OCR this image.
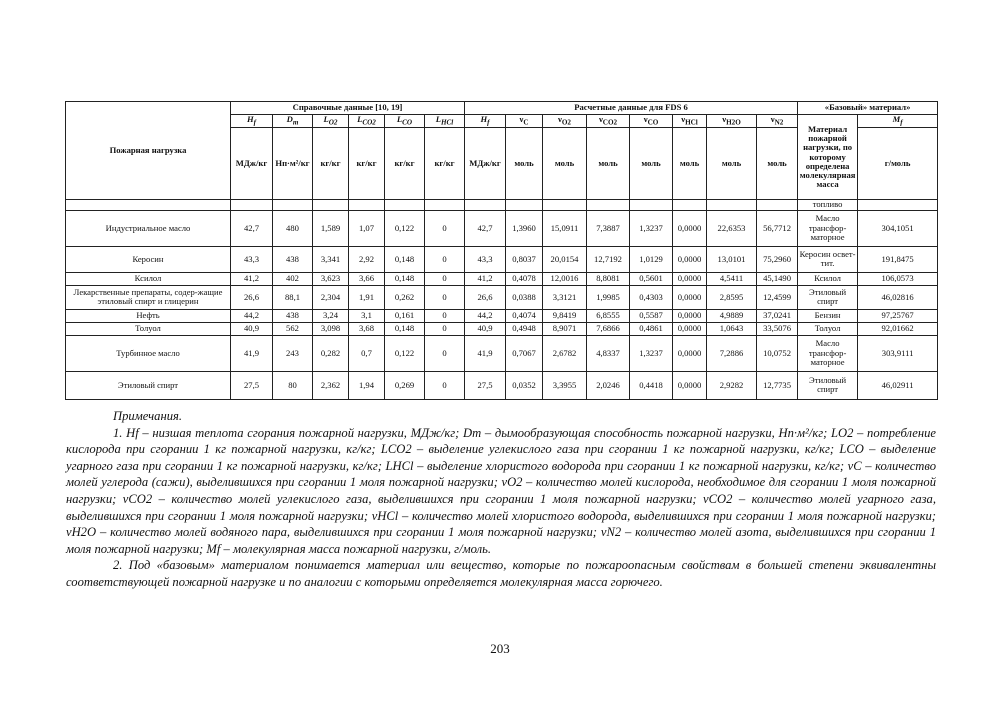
Пожарная нагрузка	Справочные данные [10, 19]						Расчетные данные для FDS 6								«Базовый» материал»	
	$H_f$	$D_m$	$L_{O2}$	$L_{CO2}$	$L_{CO}$	$L_{HCl}$	$H_f$	$\nu_C$	$\nu_{O2}$	$\nu_{CO2}$	$\nu_{CO}$	$\nu_{HCl}$	$\nu_{H2O}$	$\nu_{N2}$	Материал пожарной нагрузки, по которому определена молекулярная масса	$M_f$
	МДж/кг	Нп·м²/кг	кг/кг	кг/кг	кг/кг	кг/кг	МДж/кг	моль	моль	моль	моль	моль	моль	моль		г/моль
															топливо	
Индустриальное масло	42,7	480	1,589	1,07	0,122	0	42,7	1,3960	15,0911	7,3887	1,3237	0,0000	22,6353	56,7712	Масло трансфор-маторное	304,1051
Керосин	43,3	438	3,341	2,92	0,148	0	43,3	0,8037	20,0154	12,7192	1,0129	0,0000	13,0101	75,2960	Керосин освет-тит.	191,8475
Ксилол	41,2	402	3,623	3,66	0,148	0	41,2	0,4078	12,0016	8,8081	0,5601	0,0000	4,5411	45,1490	Ксилол	106,0573
Лекарственные препараты, содер-жащие этиловый спирт и глицерин	26,6	88,1	2,304	1,91	0,262	0	26,6	0,0388	3,3121	1,9985	0,4303	0,0000	2,8595	12,4599	Этиловый спирт	46,02816
Нефть	44,2	438	3,24	3,1	0,161	0	44,2	0,4074	9,8419	6,8555	0,5587	0,0000	4,9889	37,0241	Бензин	97,25767
Толуол	40,9	562	3,098	3,68	0,148	0	40,9	0,4948	8,9071	7,6866	0,4861	0,0000	1,0643	33,5076	Толуол	92,01662
Турбинное масло	41,9	243	0,282	0,7	0,122	0	41,9	0,7067	2,6782	4,8337	1,3237	0,0000	7,2886	10,0752	Масло трансфор-маторное	303,9111
Этиловый спирт	27,5	80	2,362	1,94	0,269	0	27,5	0,0352	3,3955	2,0246	0,4418	0,0000	2,9282	12,7735	Этиловый спирт	46,02911

Примечания.

1. Hf – низшая теплота сгорания пожарной нагрузки, МДж/кг; Dm – дымообразующая способность пожарной нагрузки, Нп·м²/кг; LO2 – потребление кислорода при сгорании 1 кг пожарной нагрузки, кг/кг; LCO2 – выделение углекислого газа при сгорании 1 кг пожарной нагрузки, кг/кг; LCO – выделение угарного газа при сгорании 1 кг пожарной нагрузки, кг/кг; LHCl – выделение хлористого водорода при сгорании 1 кг пожарной нагрузки, кг/кг; νC – количество молей углерода (сажи), выделившихся при сгорании 1 моля пожарной нагрузки; νO2 – количество молей кислорода, необходимое для сгорании 1 моля пожарной нагрузки; νCO2 – количество молей углекислого газа, выделившихся при сгорании 1 моля пожарной нагрузки; νCO2 – количество молей угарного газа, выделившихся при сгорании 1 моля пожарной нагрузки; νHCl – количество молей хлористого водорода, выделившихся при сгорании 1 моля пожарной нагрузки; νH2O – количество молей водяного пара, выделившихся при сгорании 1 моля пожарной нагрузки; νN2 – количество молей азота, выделившихся при сгорании 1 моля пожарной нагрузки; Mf – молекулярная масса пожарной нагрузки, г/моль.

2. Под «базовым» материалом понимается материал или вещество, которые по пожароопасным свойствам в большей степени эквивалентны соответствующей пожарной нагрузке и по аналогии с которыми определяется молекулярная масса горючего.

203
